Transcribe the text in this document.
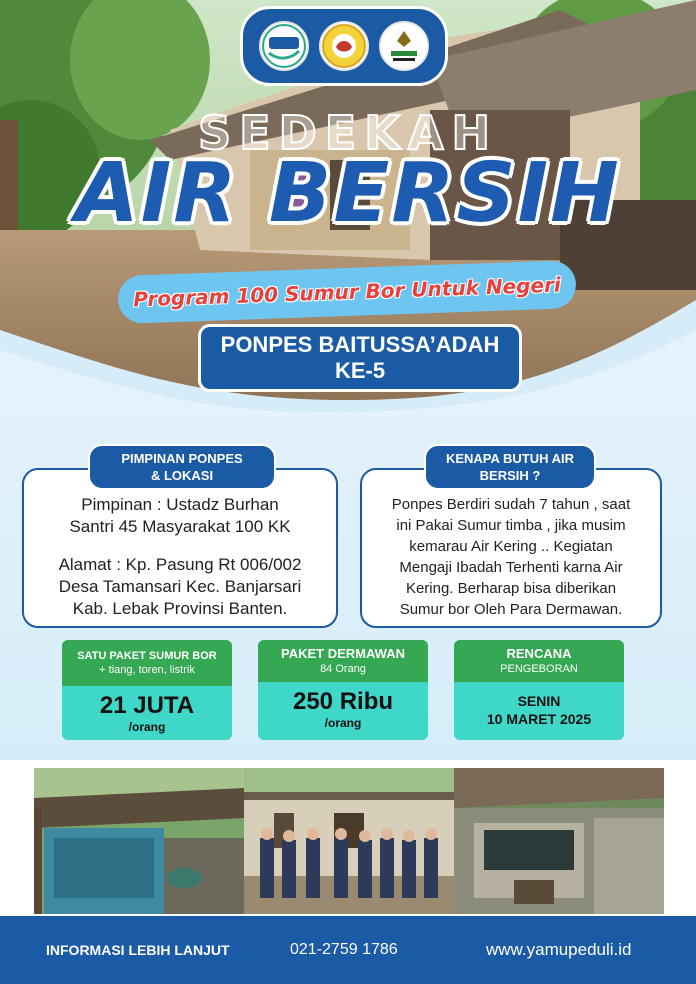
SEDEKAH
AIR BERSIH
Program 100 Sumur Bor Untuk Negeri
PONPES BAITUSSA’ADAH
KE-5
PIMPINAN PONPES
& LOKASI
Pimpinan : Ustadz Burhan
Santri 45 Masyarakat 100 KK
Alamat : Kp. Pasung Rt 006/002
Desa Tamansari Kec. Banjarsari
Kab. Lebak Provinsi Banten.
KENAPA BUTUH AIR
BERSIH ?
Ponpes Berdiri sudah 7 tahun , saat
ini Pakai Sumur timba , jika musim
kemarau Air Kering .. Kegiatan
Mengaji Ibadah Terhenti karna Air
Kering. Berharap bisa diberikan
Sumur bor Oleh Para Dermawan.
SATU PAKET SUMUR BOR
+ tiang, toren, listrik
21 JUTA
/orang
PAKET DERMAWAN
84 Orang
250 Ribu
/orang
RENCANA
PENGEBORAN
SENIN
10 MARET 2025
INFORMASI LEBIH LANJUT	021-2759 1786	www.yamupeduli.id
